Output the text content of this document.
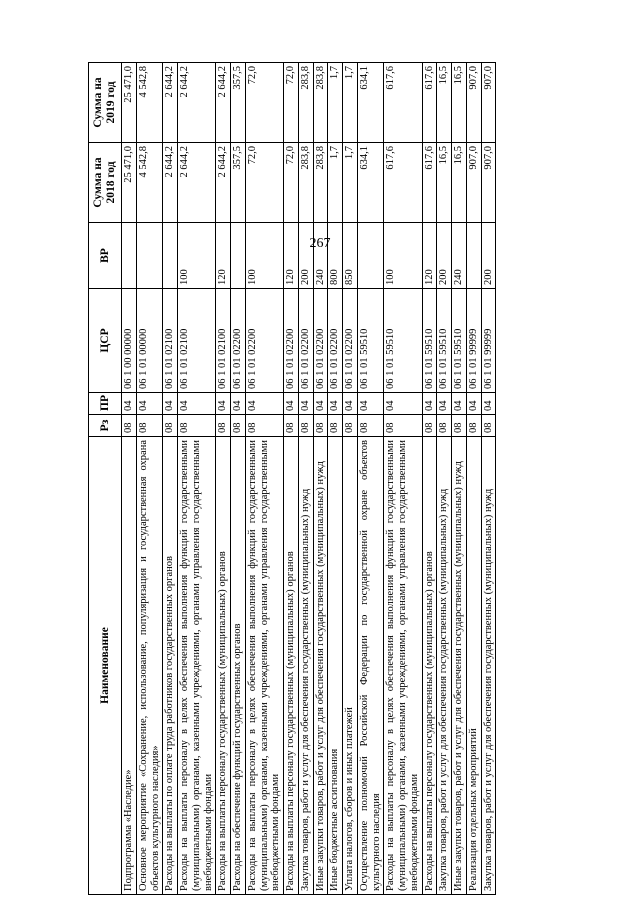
267
Наименование	Рз	ПР	ЦСР	ВР	Сумма на 2018 год	Сумма на 2019 год
Подпрограмма «Наследие»	08	04	06 1 00 00000		25 471,0	25 471,0
Основное мероприятие «Сохранение, использование, популяризация и государственная охрана объектов культурного наследия»	08	04	06 1 01 00000		4 542,8	4 542,8
Расходы на выплаты по оплате труда работников государственных органов	08	04	06 1 01 02100		2 644,2	2 644,2
Расходы на выплаты персоналу в целях обеспечения выполнения функций государственными (муниципальными) органами, казенными учреждениями, органами управления государственными внебюджетными фондами	08	04	06 1 01 02100	100	2 644,2	2 644,2
Расходы на выплаты персоналу государственных (муниципальных) органов	08	04	06 1 01 02100	120	2 644,2	2 644,2
Расходы на обеспечение функций государственных органов	08	04	06 1 01 02200		357,5	357,5
Расходы на выплаты персоналу в целях обеспечения выполнения функций государственными (муниципальными) органами, казенными учреждениями, органами управления государственными внебюджетными фондами	08	04	06 1 01 02200	100	72,0	72,0
Расходы на выплаты персоналу государственных (муниципальных) органов	08	04	06 1 01 02200	120	72,0	72,0
Закупка товаров, работ и услуг для обеспечения государственных (муниципальных) нужд	08	04	06 1 01 02200	200	283,8	283,8
Иные закупки товаров, работ и услуг для обеспечения государственных (муниципальных) нужд	08	04	06 1 01 02200	240	283,8	283,8
Иные бюджетные ассигнования	08	04	06 1 01 02200	800	1,7	1,7
Уплата налогов, сборов и иных платежей	08	04	06 1 01 02200	850	1,7	1,7
Осуществление полномочий Российской Федерации по государственной охране объектов культурного наследия	08	04	06 1 01 59510		634,1	634,1
Расходы на выплаты персоналу в целях обеспечения выполнения функций государственными (муниципальными) органами, казенными учреждениями, органами управления государственными внебюджетными фондами	08	04	06 1 01 59510	100	617,6	617,6
Расходы на выплаты персоналу государственных (муниципальных) органов	08	04	06 1 01 59510	120	617,6	617,6
Закупка товаров, работ и услуг для обеспечения государственных (муниципальных) нужд	08	04	06 1 01 59510	200	16,5	16,5
Иные закупки товаров, работ и услуг для обеспечения государственных (муниципальных) нужд	08	04	06 1 01 59510	240	16,5	16,5
Реализация отдельных мероприятий	08	04	06 1 01 99999		907,0	907,0
Закупка товаров, работ и услуг для обеспечения государственных (муниципальных) нужд	08	04	06 1 01 99999	200	907,0	907,0
